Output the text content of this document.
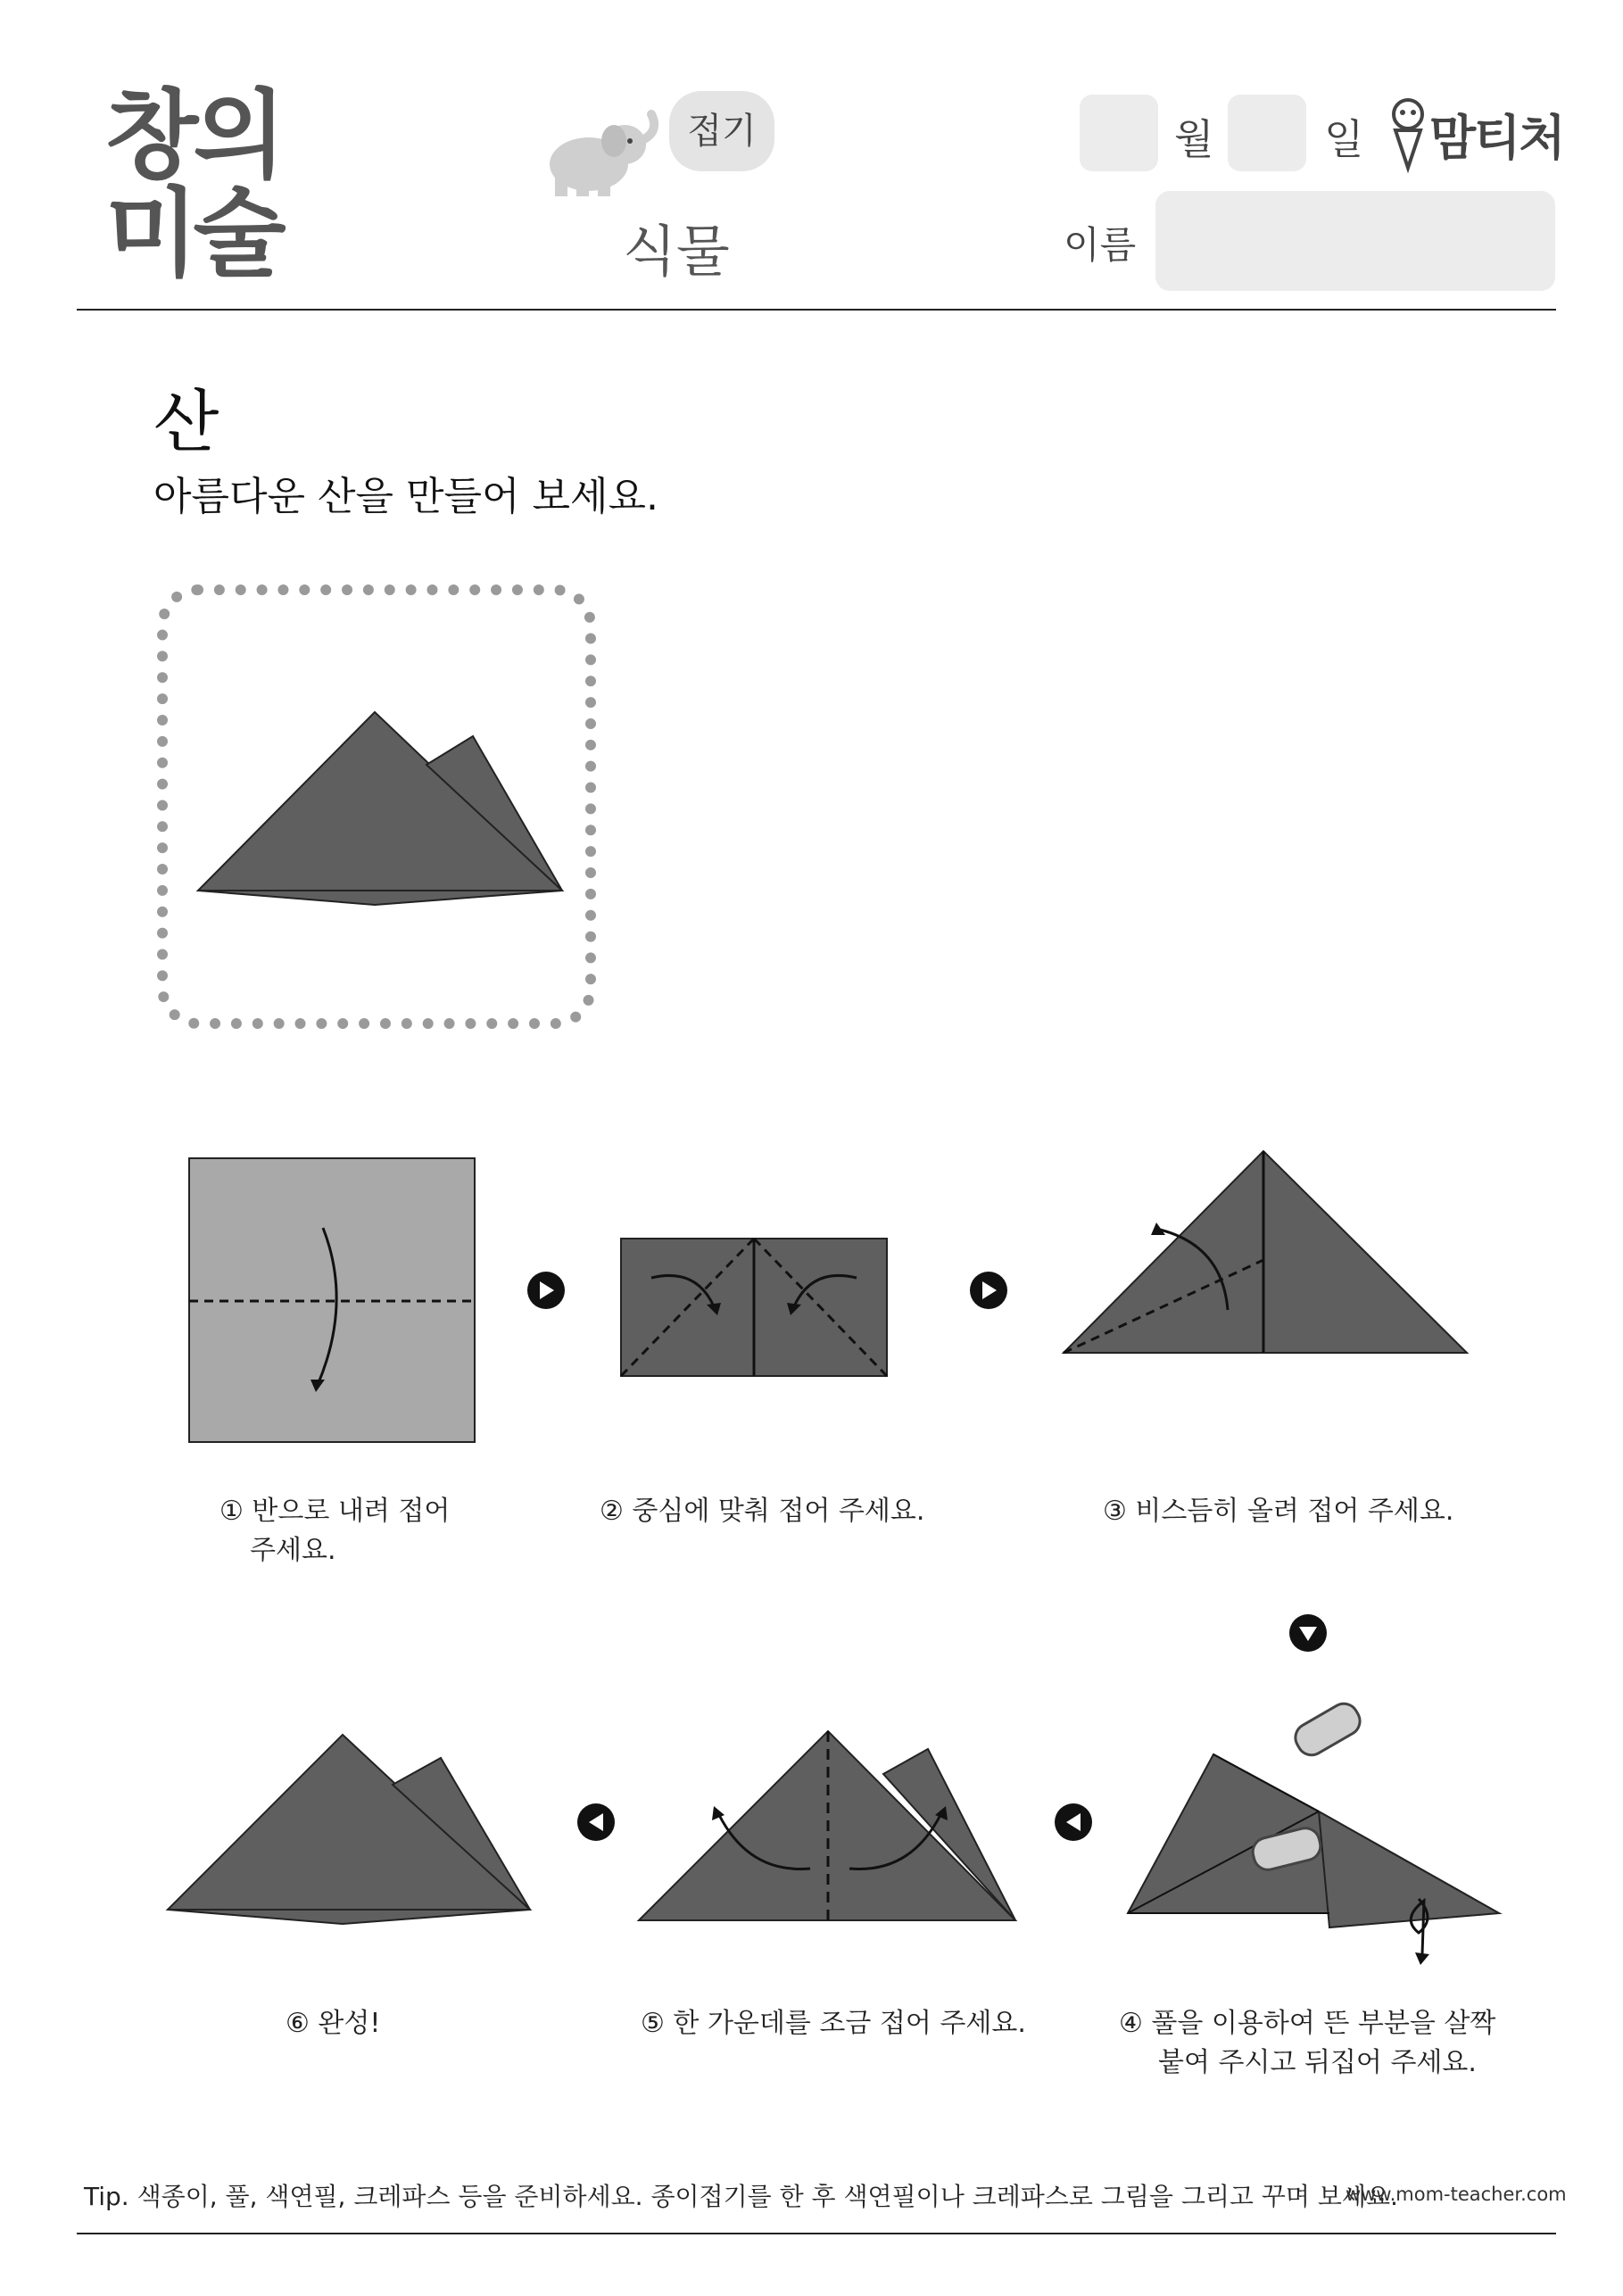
창의
미술
접기
식물
월	일 맘티처
이름
산
아름다운 산을 만들어 보세요.
① 반으로 내려 접어
주세요.
② 중심에 맞춰 접어 주세요.	③ 비스듬히 올려 접어 주세요.
④ 풀을 이용하여 뜬 부분을 살짝
붙여 주시고 뒤집어 주세요.
⑤ 한 가운데를 조금 접어 주세요.
⑥ 완성!
Tip. 색종이, 풀, 색연필, 크레파스 등을 준비하세요. 종이접기를 한 후 색연필이나 크레파스로 그림을 그리고 꾸며 보세요.
www.mom-teacher.com
